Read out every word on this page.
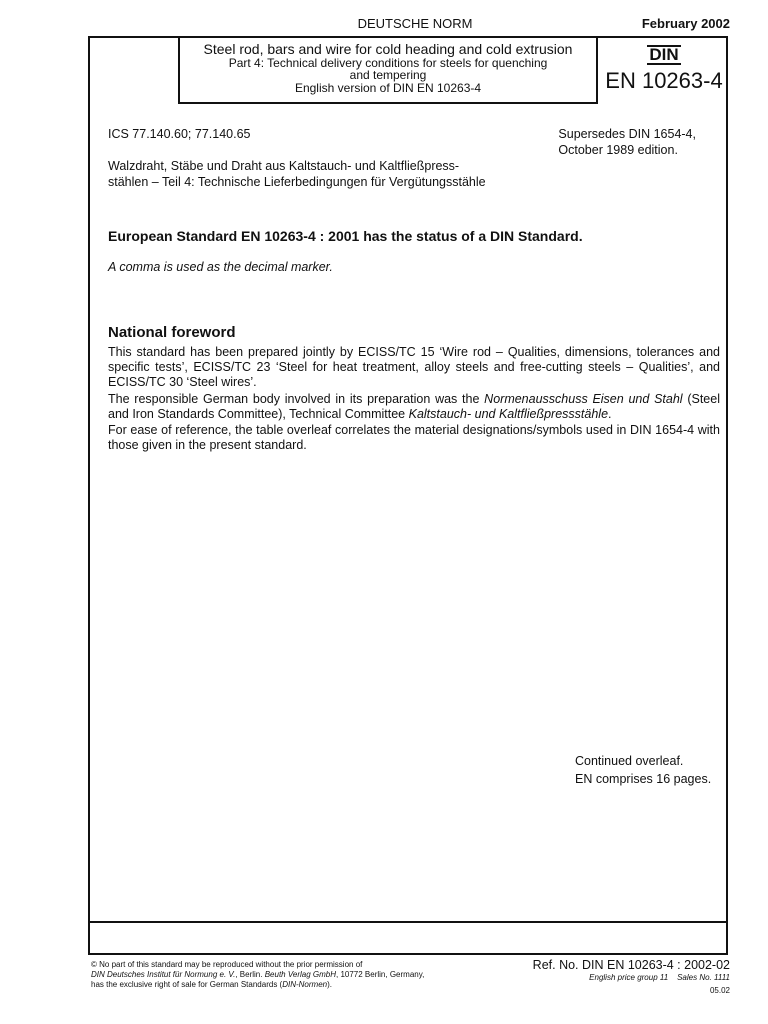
DEUTSCHE NORM	February 2002
Steel rod, bars and wire for cold heading and cold extrusion
Part 4: Technical delivery conditions for steels for quenching
and tempering
English version of DIN EN 10263-4
DIN
EN 10263-4
ICS 77.140.60; 77.140.65	Supersedes DIN 1654-4,
October 1989 edition.
Walzdraht, Stäbe und Draht aus Kaltstauch- und Kaltfließpress-
stählen – Teil 4: Technische Lieferbedingungen für Vergütungsstähle
European Standard EN 10263-4 : 2001 has the status of a DIN Standard.
A comma is used as the decimal marker.
National foreword
This standard has been prepared jointly by ECISS/TC 15 ‘Wire rod – Qualities, dimensions, tolerances and specific tests’, ECISS/TC 23 ‘Steel for heat treatment, alloy steels and free-cutting steels – Qualities’, and ECISS/TC 30 ‘Steel wires’.
The responsible German body involved in its preparation was the Normenausschuss Eisen und Stahl (Steel and Iron Standards Committee), Technical Committee Kaltstauch- und Kaltfließpressstähle.
For ease of reference, the table overleaf correlates the material designations/symbols used in DIN 1654-4 with those given in the present standard.
Continued overleaf.
EN comprises 16 pages.
© No part of this standard may be reproduced without the prior permission of
DIN Deutsches Institut für Normung e. V., Berlin. Beuth Verlag GmbH, 10772 Berlin, Germany,
has the exclusive right of sale for German Standards (DIN-Normen).
Ref. No. DIN EN 10263-4 : 2002-02
English price group 11 Sales No. 1111
05.02
